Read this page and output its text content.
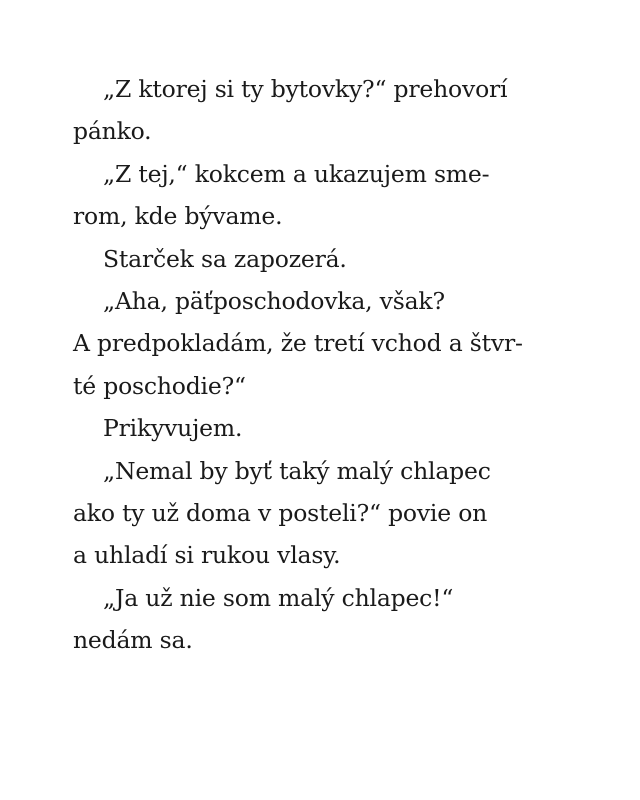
„Z ktorej si ty bytovky?“ prehovorí
pánko.
„Z tej,“ kokcem a ukazujem sme-
rom, kde bývame.
Starček sa zapozerá.
„Aha, päťposchodovka, však?
A predpokladám, že tretí vchod a štvr-
té poschodie?“
Prikyvujem.
„Nemal by byť taký malý chlapec
ako ty už doma v posteli?“ povie on
a uhladí si rukou vlasy.
„Ja už nie som malý chlapec!“
nedám sa.
